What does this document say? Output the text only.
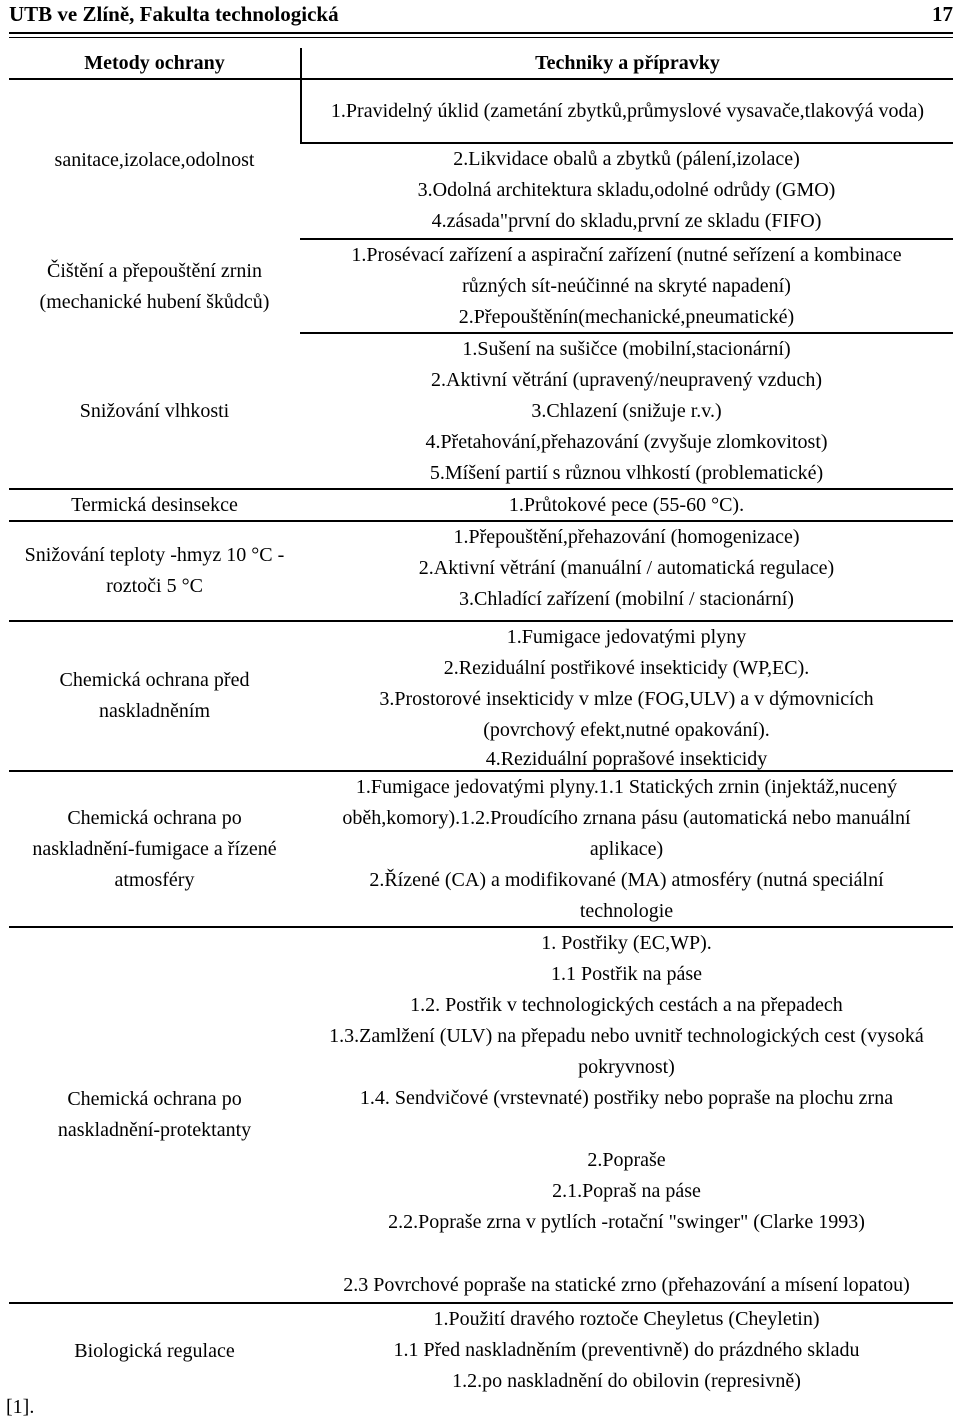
UTB ve Zlíně, Fakulta technologická	17
Metody ochrany
sanitace,izolace,odolnost
Čištění a přepouštění zrnin (mechanické hubení škůdců)
Snižování vlhkosti
Termická desinsekce
Snižování teploty -hmyz 10 °C -roztoči 5 °C
Chemická ochrana před naskladněním
Chemická ochrana po naskladnění-fumigace a řízené atmosféry
Chemická ochrana po naskladnění-protektanty
Biologická regulace
Techniky a přípravky
1.Pravidelný úklid (zametání zbytků,průmyslové vysavače,tlakovýá voda)
2.Likvidace obalů a zbytků (pálení,izolace)
3.Odolná architektura skladu,odolné odrůdy (GMO)
4.zásada"první do skladu,první ze skladu (FIFO)
1.Prosévací zařízení a aspirační zařízení (nutné seřízení a kombinace různých sít-neúčinné na skryté napadení)
2.Přepouštěnín(mechanické,pneumatické)
1.Sušení na sušičce (mobilní,stacionární)
2.Aktivní větrání (upravený/neupravený vzduch)
3.Chlazení (snižuje r.v.)
4.Přetahování,přehazování (zvyšuje zlomkovitost)
5.Míšení partií s různou vlhkostí (problematické)
1.Průtokové pece (55-60 °C).
1.Přepouštění,přehazování (homogenizace)
2.Aktivní větrání (manuální / automatická regulace)
3.Chladící zařízení (mobilní / stacionární)
1.Fumigace jedovatými plyny
2.Reziduální postřikové insekticidy (WP,EC).
3.Prostorové insekticidy v mlze (FOG,ULV) a v dýmovnicích (povrchový efekt,nutné opakování).
4.Reziduální poprašové insekticidy
1.Fumigace jedovatými plyny.1.1 Statických zrnin (injektáž,nucený oběh,komory).1.2.Proudícího zrnana pásu (automatická nebo manuální aplikace)
2.Řízené (CA) a modifikované (MA) atmosféry (nutná speciální technologie
1. Postřiky (EC,WP).
1.1 Postřik na páse
1.2. Postřik v technologických cestách a na přepadech
1.3.Zamlžení (ULV) na přepadu nebo uvnitř technologických cest (vysoká pokryvnost)
1.4. Sendvičové (vrstevnaté) postřiky nebo popraše na plochu zrna
2.Popraše
2.1.Popraš na páse
2.2.Popraše zrna v pytlích -rotační "swinger" (Clarke 1993)
2.3 Povrchové popraše na statické zrno (přehazování a mísení lopatou)
1.Použití dravého roztoče Cheyletus (Cheyletin)
1.1 Před naskladněním (preventivně) do prázdného skladu
1.2.po naskladnění do obilovin (represivně)
[1].
